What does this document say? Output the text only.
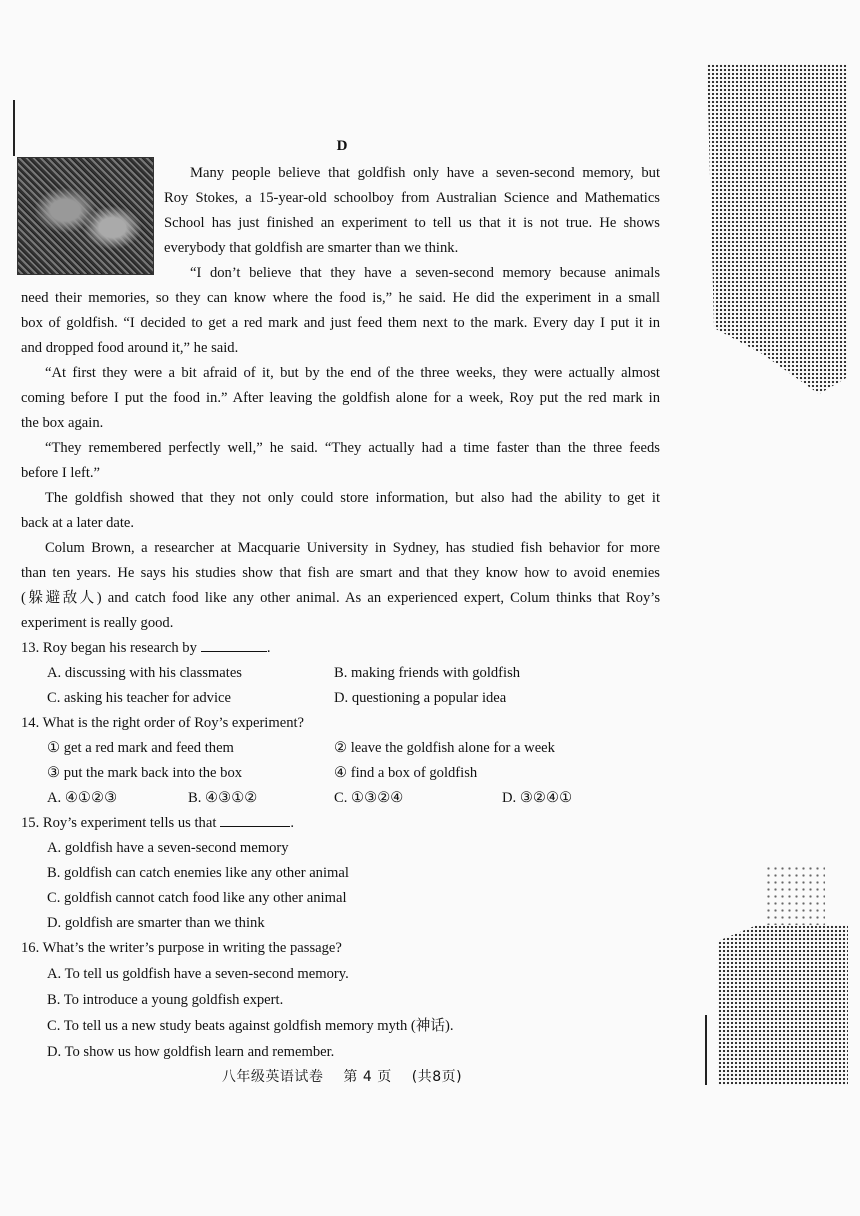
D
Many people believe that goldfish only have a seven-second memory, but
Roy Stokes, a 15-year-old schoolboy from Australian Science and Mathematics
School has just finished an experiment to tell us that it is not true. He shows
everybody that goldfish are smarter than we think.
“I don’t believe that they have a seven-second memory because animals
need their memories, so they can know where the food is,” he said. He did the experiment in a small
box of goldfish. “I decided to get a red mark and just feed them next to the mark. Every day I put it in
and dropped food around it,” he said.
“At first they were a bit afraid of it, but by the end of the three weeks, they were actually almost
coming before I put the food in.” After leaving the goldfish alone for a week, Roy put the red mark in
the box again.
“They remembered perfectly well,” he said. “They actually had a time faster than the three feeds
before I left.”
The goldfish showed that they not only could store information, but also had the ability to get it
back at a later date.
Colum Brown, a researcher at Macquarie University in Sydney, has studied fish behavior for more
than ten years. He says his studies show that fish are smart and that they know how to avoid enemies
(躲避敌人) and catch food like any other animal. As an experienced expert, Colum thinks that Roy’s
experiment is really good.
13. Roy began his research by	.
A. discussing with his classmates	B. making friends with goldfish
C. asking his teacher for advice	D. questioning a popular idea
14. What is the right order of Roy’s experiment?
① get a red mark and feed them	② leave the goldfish alone for a week
③ put the mark back into the box	④ find a box of goldfish
A. ④①②③	B. ④③①②	C. ①③②④	D. ③②④①
15. Roy’s experiment tells us that	.
A. goldfish have a seven-second memory
B. goldfish can catch enemies like any other animal
C. goldfish cannot catch food like any other animal
D. goldfish are smarter than we think
16. What’s the writer’s purpose in writing the passage?
A. To tell us goldfish have a seven-second memory.
B. To introduce a young goldfish expert.
C. To tell us a new study beats against goldfish memory myth (神话).
D. To show us how goldfish learn and remember.
八年级英语试卷 第 4 页 (共8页)
